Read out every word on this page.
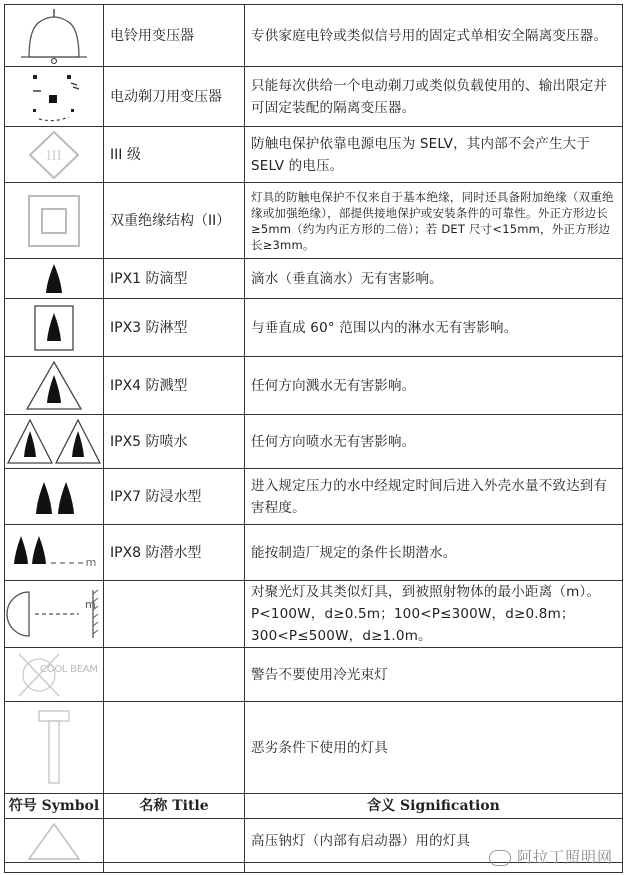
	电铃用变压器	专供家庭电铃或类似信号用的固定式单相安全隔离变压器。

	电动剃刀用变压器	只能每次供给一个电动剃刀或类似负载使用的、输出限定并可固定装配的隔离变压器。

III	III 级	防触电保护依靠电源电压为 SELV，其内部不会产生大于 SELV 的电压。

	双重绝缘结构（II）	灯具的防触电保护不仅来自于基本绝缘，同时还具备附加绝缘（双重绝缘或加强绝缘），部提供接地保护或安装条件的可靠性。外正方形边长≥5mm（约为内正方形的二倍）；若 DET 尺寸<15mm，外正方形边长≥3mm。

	IPX1 防滴型	滴水（垂直滴水）无有害影响。

	IPX3 防淋型	与垂直成 60° 范围以内的淋水无有害影响。

	IPX4 防溅型	任何方向溅水无有害影响。

	IPX5 防喷水	任何方向喷水无有害影响。

	IPX7 防浸水型	进入规定压力的水中经规定时间后进入外壳水量不致达到有害程度。

m	IPX8 防潜水型	能按制造厂规定的条件长期潜水。

m		对聚光灯及其类似灯具，到被照射物体的最小距离（m）。P<100W，d≥0.5m；100<P≤300W，d≥0.8m；300<P≤500W，d≥1.0m。

COOL BEAM		警告不要使用冷光束灯

		恶劣条件下使用的灯具
符号 Symbol	名称 Title	含义 Signification

		高压钠灯（内部有启动器）用的灯具

阿拉丁照明网
